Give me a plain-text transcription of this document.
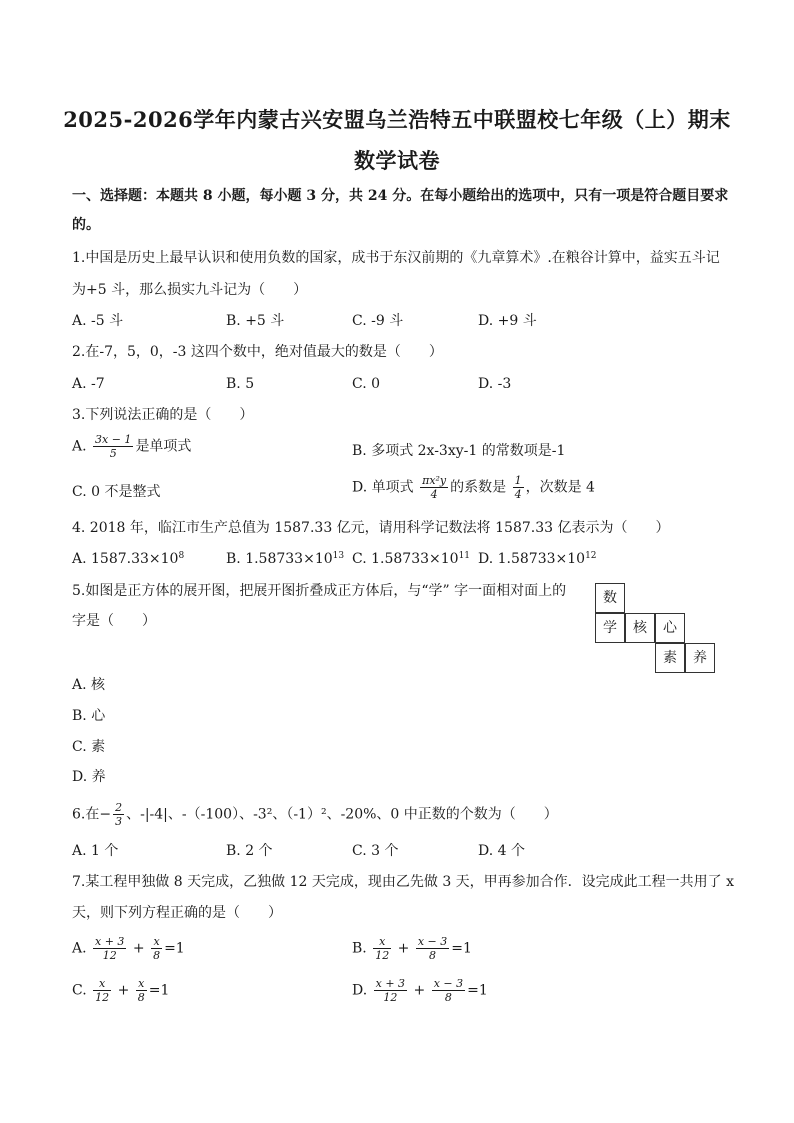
2025-2026学年内蒙古兴安盟乌兰浩特五中联盟校七年级（上）期末
数学试卷
一、选择题：本题共 8 小题，每小题 3 分，共 24 分。在每小题给出的选项中，只有一项是符合题目要求
的。
1.中国是历史上最早认识和使用负数的国家，成书于东汉前期的《九章算术》.在粮谷计算中，益实五斗记
为+5 斗，那么损实九斗记为（　　）
A. -5 斗	B. +5 斗	C. -9 斗	D. +9 斗
2.在-7，5，0，-3 这四个数中，绝对值最大的数是（　　）
A. -7	B. 5	C. 0	D. -3
3.下列说法正确的是（　　）
A. $\frac{3x - 1}{5}$ 是单项式	B. 多项式 2x-3xy-1 的常数项是-1
C. 0 不是整式	D. 单项式 $\frac{\text{πx²y}}{4}$ 的系数是 $\frac{1}{4}$ ，次数是 4
4. 2018 年，临江市生产总值为 1587.33 亿元，请用科学记数法将 1587.33 亿表示为（　　）
A. $1587.33\times 10^8$	B. $1.58733\times 10^{13}$ C. $1.58733\times 10^{11}$ D. $1.58733\times 10^{12}$
5.如图是正方体的展开图，把展开图折叠成正方体后，与“学” 字一面相对面上的
字是（　　）
数
学	核	心
素	养
A. 核
B. 心
C. 素
D. 养
6.在− $\frac{2}{3}$ 、-|-4|、-（-100）、-3²、（-1）²、-20%、0 中正数的个数为（　　）
A. 1 个	B. 2 个	C. 3 个	D. 4 个
7.某工程甲独做 8 天完成，乙独做 12 天完成，现由乙先做 3 天，甲再参加合作．设完成此工程一共用了 x
天，则下列方程正确的是（　　）
A. $\frac{x + 3}{12} + \frac{x}{8} =1$	B. $\frac{x}{12} + \frac{x - 3}{8} =1$
C. $\frac{x}{12} + \frac{x}{8} =1$	D. $\frac{x + 3}{12} + \frac{x - 3}{8} =1$
